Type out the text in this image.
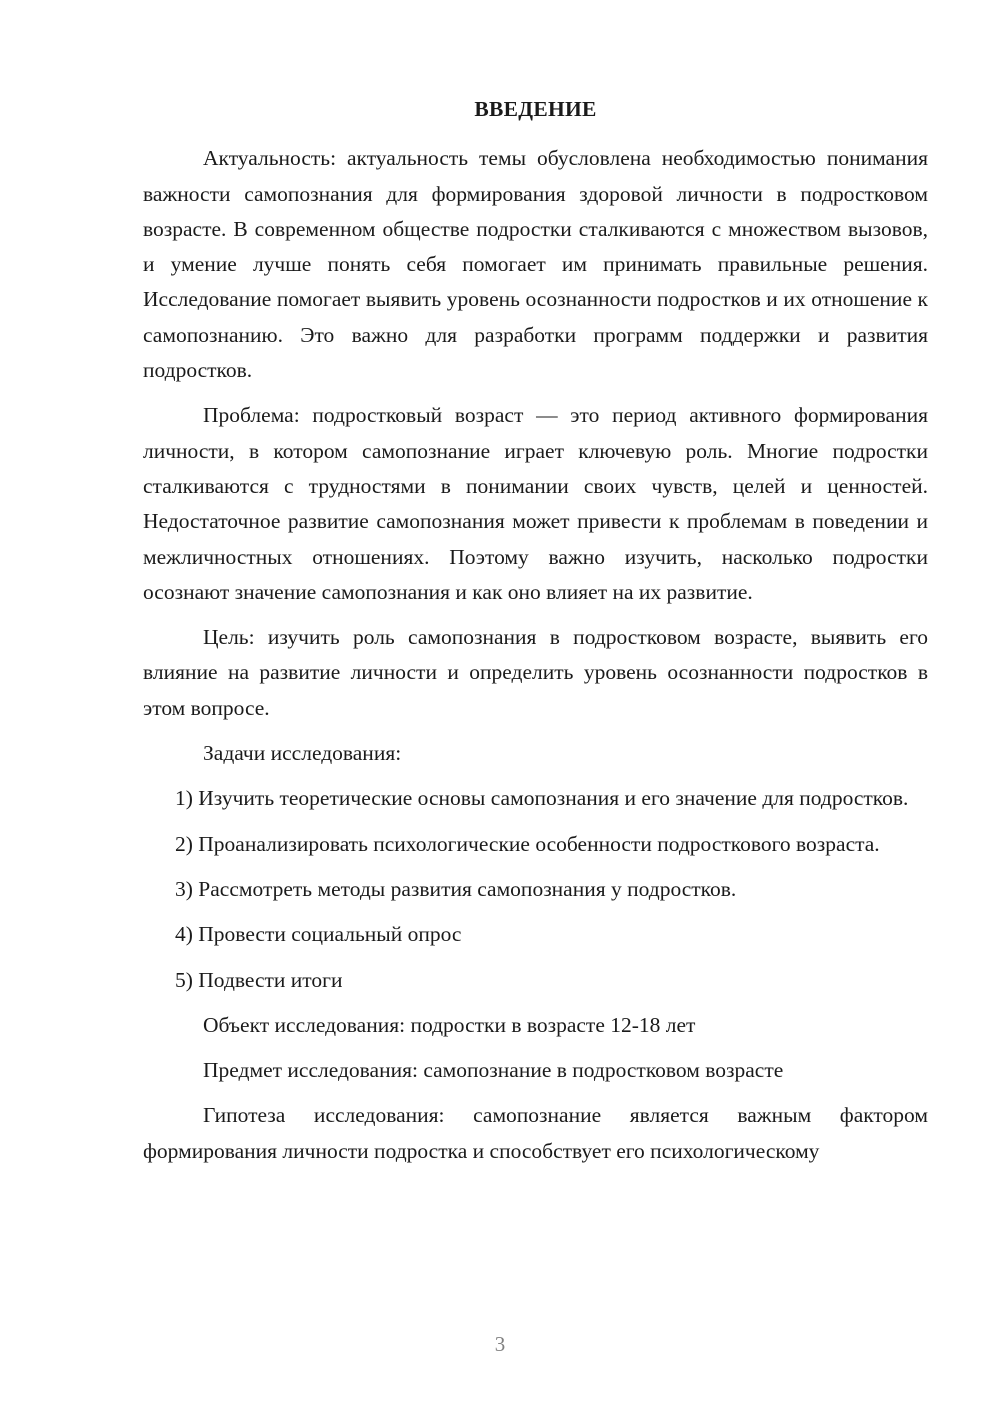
ВВЕДЕНИЕ

Актуальность: актуальность темы обусловлена необходимостью понимания важности самопознания для формирования здоровой личности в подростковом возрасте. В современном обществе подростки сталкиваются с множеством вызовов, и умение лучше понять себя помогает им принимать правильные решения. Исследование помогает выявить уровень осознанности подростков и их отношение к самопознанию. Это важно для разработки программ поддержки и развития подростков.

Проблема: подростковый возраст — это период активного формирования личности, в котором самопознание играет ключевую роль. Многие подростки сталкиваются с трудностями в понимании своих чувств, целей и ценностей. Недостаточное развитие самопознания может привести к проблемам в поведении и межличностных отношениях. Поэтому важно изучить, насколько подростки осознают значение самопознания и как оно влияет на их развитие.

Цель: изучить роль самопознания в подростковом возрасте, выявить его влияние на развитие личности и определить уровень осознанности подростков в этом вопросе.

Задачи исследования:

1) Изучить теоретические основы самопознания и его значение для подростков.

2) Проанализировать психологические особенности подросткового возраста.

3) Рассмотреть методы развития самопознания у подростков.

4) Провести социальный опрос

5) Подвести итоги

Объект исследования: подростки в возрасте 12-18 лет

Предмет исследования: самопознание в подростковом возрасте

Гипотеза исследования: самопознание является важным фактором формирования личности подростка и способствует его психологическому

3
